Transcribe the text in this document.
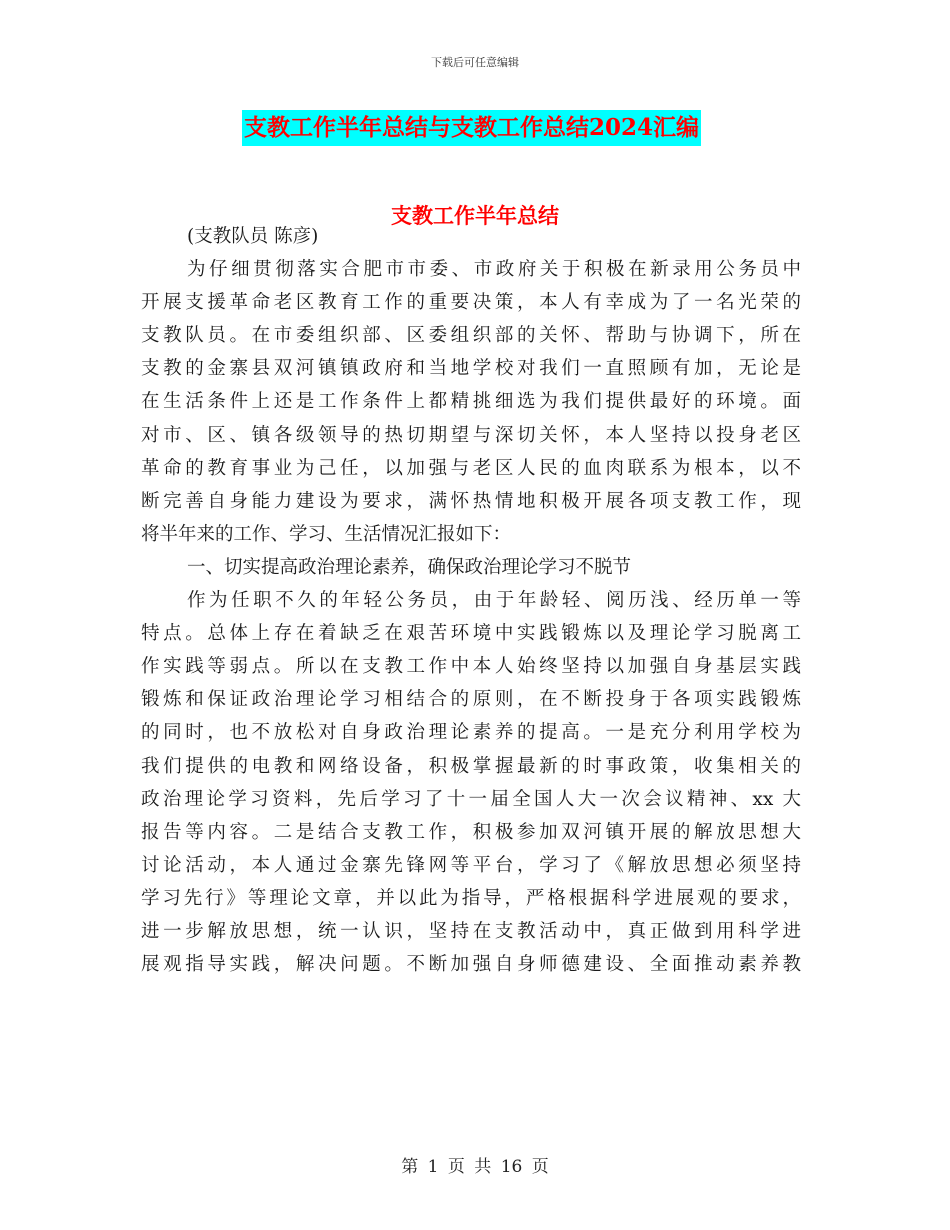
下载后可任意编辑
支教工作半年总结与支教工作总结2024汇编
支教工作半年总结
(支教队员 陈彦)
为仔细贯彻落实合肥市市委、市政府关于积极在新录用公务员中
开展支援革命老区教育工作的重要决策，本人有幸成为了一名光荣的
支教队员。在市委组织部、区委组织部的关怀、帮助与协调下，所在
支教的金寨县双河镇镇政府和当地学校对我们一直照顾有加，无论是
在生活条件上还是工作条件上都精挑细选为我们提供最好的环境。面
对市、区、镇各级领导的热切期望与深切关怀，本人坚持以投身老区
革命的教育事业为己任，以加强与老区人民的血肉联系为根本，以不
断完善自身能力建设为要求，满怀热情地积极开展各项支教工作，现
将半年来的工作、学习、生活情况汇报如下：
一、切实提高政治理论素养，确保政治理论学习不脱节
作为任职不久的年轻公务员，由于年龄轻、阅历浅、经历单一等
特点。总体上存在着缺乏在艰苦环境中实践锻炼以及理论学习脱离工
作实践等弱点。所以在支教工作中本人始终坚持以加强自身基层实践
锻炼和保证政治理论学习相结合的原则，在不断投身于各项实践锻炼
的同时，也不放松对自身政治理论素养的提高。一是充分利用学校为
我们提供的电教和网络设备，积极掌握最新的时事政策，收集相关的
政治理论学习资料，先后学习了十一届全国人大一次会议精神、xx 大
报告等内容。二是结合支教工作，积极参加双河镇开展的解放思想大
讨论活动，本人通过金寨先锋网等平台，学习了《解放思想必须坚持
学习先行》等理论文章，并以此为指导，严格根据科学进展观的要求，
进一步解放思想，统一认识，坚持在支教活动中，真正做到用科学进
展观指导实践，解决问题。不断加强自身师德建设、全面推动素养教
第 1 页 共 16 页
